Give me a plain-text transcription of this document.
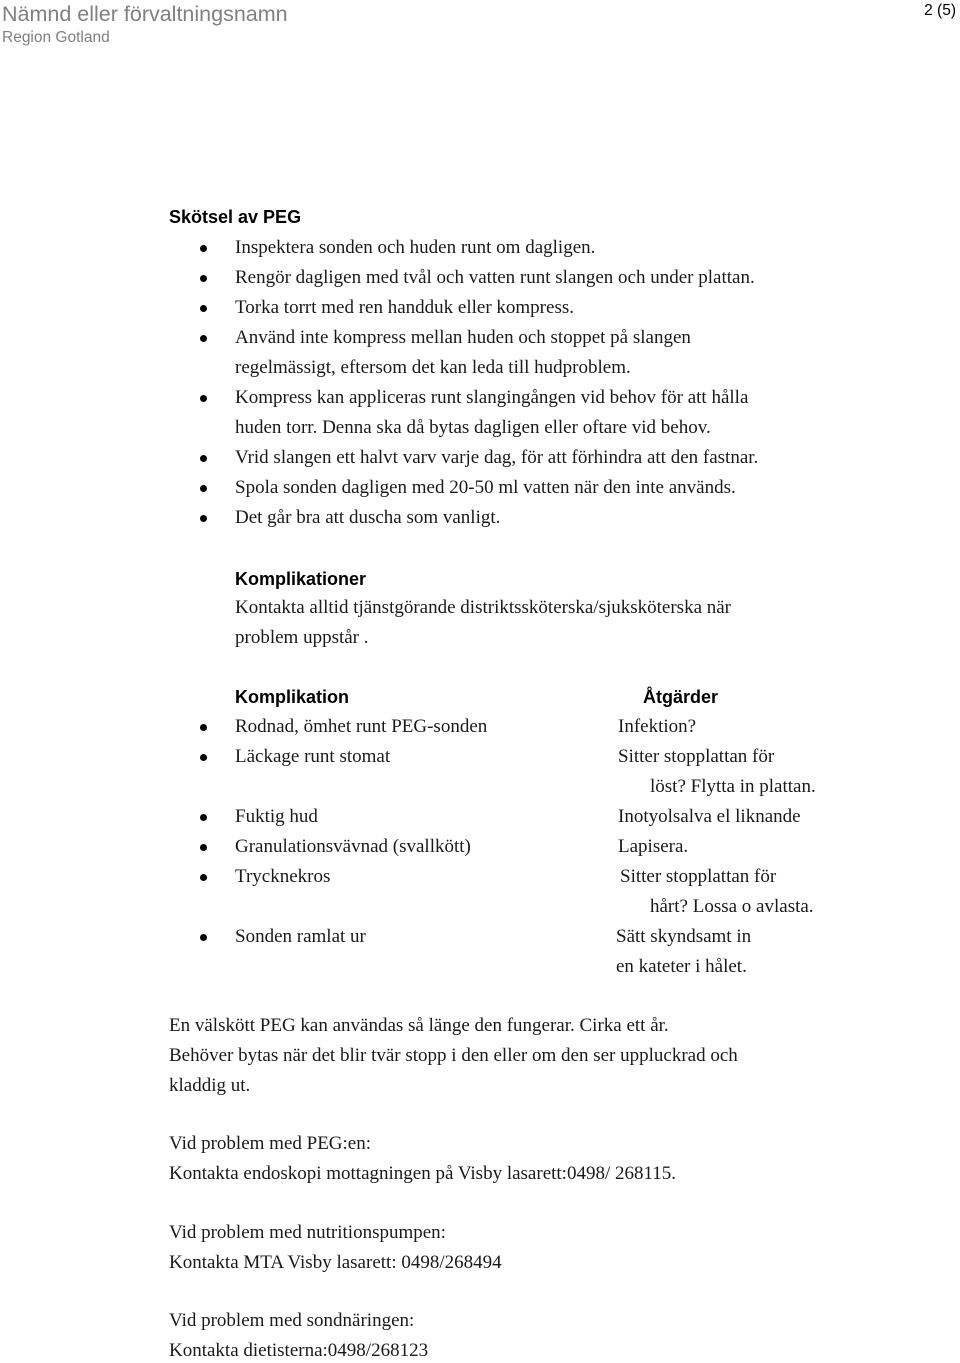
Nämnd eller förvaltningsnamn
Region Gotland
2 (5)
Skötsel av PEG
Inspektera sonden och huden runt om dagligen.
Rengör dagligen med tvål och vatten runt slangen och under plattan.
Torka torrt med ren handduk eller kompress.
Använd inte kompress mellan huden och stoppet på slangen
regelmässigt, eftersom det kan leda till hudproblem.
Kompress kan appliceras runt slangingången vid behov för att hålla
huden torr. Denna ska då bytas dagligen eller oftare vid behov.
Vrid slangen ett halvt varv varje dag, för att förhindra att den fastnar.
Spola sonden dagligen med 20-50 ml vatten när den inte används.
Det går bra att duscha som vanligt.
Komplikationer
Kontakta alltid tjänstgörande distriktssköterska/sjuksköterska när
problem uppstår .
Komplikation	Åtgärder
Rodnad, ömhet runt PEG-sonden	Infektion?
Läckage runt stomat	Sitter stopplattan för
löst? Flytta in plattan.
Fuktig hud	Inotyolsalva el liknande
Granulationsvävnad (svallkött)	Lapisera.
Trycknekros	Sitter stopplattan för
hårt? Lossa o avlasta.
Sonden ramlat ur	Sätt skyndsamt in
en kateter i hålet.
En välskött PEG kan användas så länge den fungerar. Cirka ett år.
Behöver bytas när det blir tvär stopp i den eller om den ser uppluckrad och
kladdig ut.
Vid problem med PEG:en:
Kontakta endoskopi mottagningen på Visby lasarett:0498/ 268115.
Vid problem med nutritionspumpen:
Kontakta MTA Visby lasarett: 0498/268494
Vid problem med sondnäringen:
Kontakta dietisterna:0498/268123
